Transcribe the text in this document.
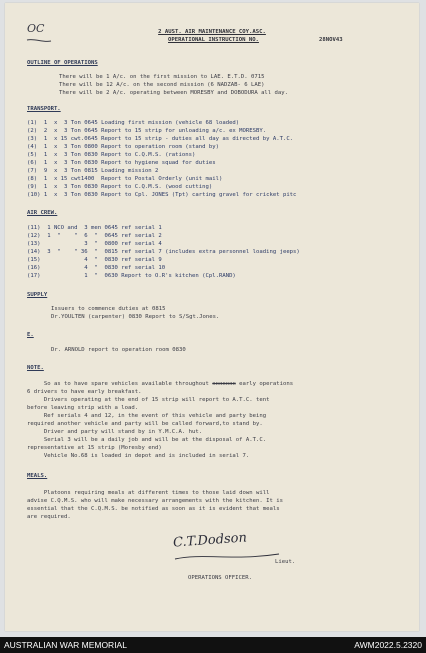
OC	2 AUST. AIR MAINTENANCE COY.ASC.
OPERATIONAL INSTRUCTION NO.	28NOV43
OUTLINE OF OPERATIONS
There will be 1 A/c. on the first mission to LAE. E.T.D. 0715
There will be 12 A/c. on the second mission (6 NADZAB- 6 LAE)
There will be 2 A/c. operating between MORESBY and DOBODURA all day.
TRANSPORT.
(1)  1  x  3 Ton 0645 Loading first mission (vehicle 68 loaded)
(2)  2  x  3 Ton 0645 Report to 15 strip for unloading a/c. ex MORESBY.
(3)  1  x 15 cwt.0645 Report to 15 strip - duties all day as directed by A.T.C.
(4)  1  x  3 Ton 0800 Report to operation room (stand by)
(5)  1  x  3 Ton 0830 Report to C.Q.M.S. (rations)
(6)  1  x  3 Ton 0830 Report to hygiene squad for duties
(7)  9  x  3 Ton 0815 Loading mission 2
(8)  1  x 15 cwt1400  Report to Postal Orderly (unit mail)
(9)  1  x  3 Ton 0830 Report to C.Q.M.S. (wood cutting)
(10) 1  x  3 Ton 0830 Report to Cpl. JONES (Tpt) carting gravel for cricket pitc
AIR CREW.
(11)  1 NCO and  3 men 0645 ref serial 1
(12)  1  "    "  6  "  0645 ref serial 2
(13)             3  "  0800 ref serial 4
(14)  3  "    " 36  "  0815 ref serial 7 (includes extra personnel loading jeeps)
(15)             4  "  0830 ref serial 9
(16)             4  "  0830 ref serial 10
(17)             1  "  0630 Report to O.R's kitchen (Cpl.RAND)
SUPPLY
Issuers to commence duties at 0815
Dr.YOULTEN (carpenter) 0830 Report to S/Sgt.Jones.
E.
Dr. ARNOLD report to operation room 0830
NOTE.
So as to have spare vehicles available throughout xxxxxxx early operations
6 drivers to have early breakfast.
Drivers operating at the end of 15 strip will report to A.T.C. tent
before leaving strip with a load.
Ref serials 4 and 12, in the event of this vehicle and party being
required another vehicle and party will be called forward,to stand by.
Driver and party will stand by in Y.M.C.A. hut.
Serial 3 will be a daily job and will be at the disposal of A.T.C.
representative at 15 strip (Moresby end)
Vehicle No.68 is loaded in depot and is included in serial 7.
MEALS.
Platoons requiring meals at different times to those laid down will
advise C.Q.M.S. who will make necessary arrangements with the kitchen. It is
essential that the C.Q.M.S. be notified as soon as it is evident that meals
are required.
C.T.Dodson
Lieut.
OPERATIONS OFFICER.
AUSTRALIAN WAR MEMORIAL	AWM2022.5.2320
